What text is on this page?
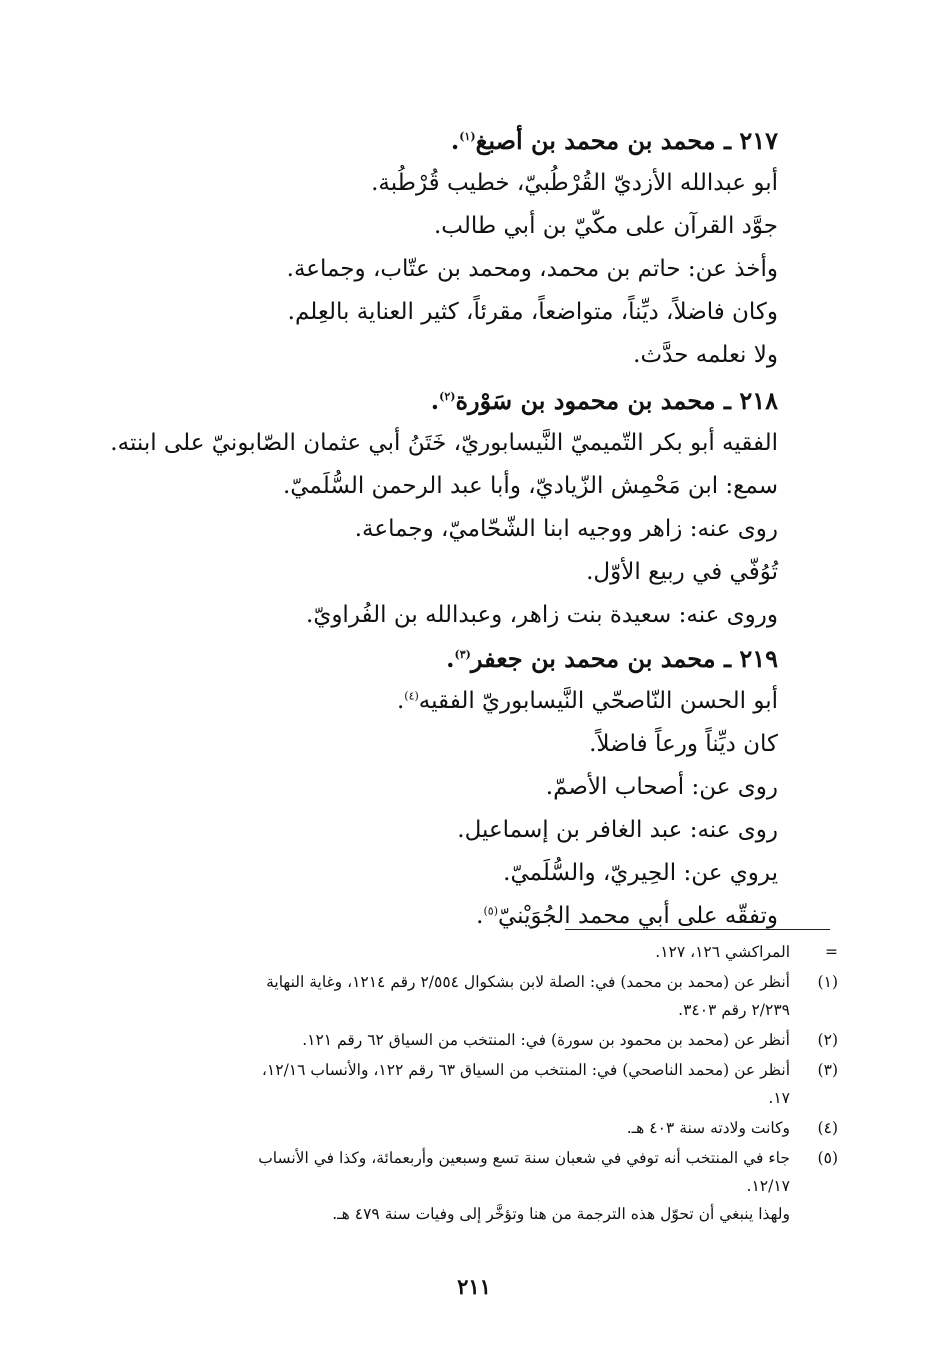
٢١٧ ـ محمد بن محمد بن أصبغ$^{(١)}$.
أبو عبدالله الأزديّ القُرْطُبيّ، خطيب قُرْطُبة.
جوَّد القرآن على مكّيّ بن أبي طالب.
وأخذ عن: حاتم بن محمد، ومحمد بن عتّاب، وجماعة.
وكان فاضلاً، ديِّناً، متواضعاً، مقرئاً، كثير العناية بالعِلم.
ولا نعلمه حدَّث.
٢١٨ ـ محمد بن محمود بن سَوْرة$^{(٢)}$.
الفقيه أبو بكر التّميميّ النَّيسابوريّ، خَتَنُ أبي عثمان الصّابونيّ على ابنته.
سمع: ابن مَحْمِش الزّياديّ، وأبا عبد الرحمن السُّلَميّ.
روى عنه: زاهر ووجيه ابنا الشّحّاميّ، وجماعة.
تُوُفّي في ربيع الأوّل.
وروى عنه: سعيدة بنت زاهر، وعبدالله بن الفُراويّ.
٢١٩ ـ محمد بن محمد بن جعفر$^{(٣)}$.
أبو الحسن النّاصحّي النَّيسابوريّ الفقيه$^{(٤)}$.
كان ديِّناً ورعاً فاضلاً.
روى عن: أصحاب الأصمّ.
روى عنه: عبد الغافر بن إسماعيل.
يروي عن: الحِيريّ، والسُّلَميّ.
وتفقّه على أبي محمد الجُوَيْنيّ$^{(٥)}$.
=
المراكشي ١٢٦، ١٢٧.
(١)
أنظر عن (محمد بن محمد) في: الصلة لابن بشكوال ٢/٥٥٤ رقم ١٢١٤، وغاية النهاية
٢/٢٣٩ رقم ٣٤٠٣.
(٢)
أنظر عن (محمد بن محمود بن سورة) في: المنتخب من السياق ٦٢ رقم ١٢١.
(٣)
أنظر عن (محمد الناصحي) في: المنتخب من السياق ٦٣ رقم ١٢٢، والأنساب ١٢/١٦،
١٧.
(٤)
وكانت ولادته سنة ٤٠٣ هـ.
(٥)
جاء في المنتخب أنه توفي في شعبان سنة تسع وسبعين وأربعمائة، وكذا في الأنساب
١٢/١٧.
ولهذا ينبغي أن تحوّل هذه الترجمة من هنا وتؤخَّر إلى وفيات سنة ٤٧٩ هـ.
٢١١
